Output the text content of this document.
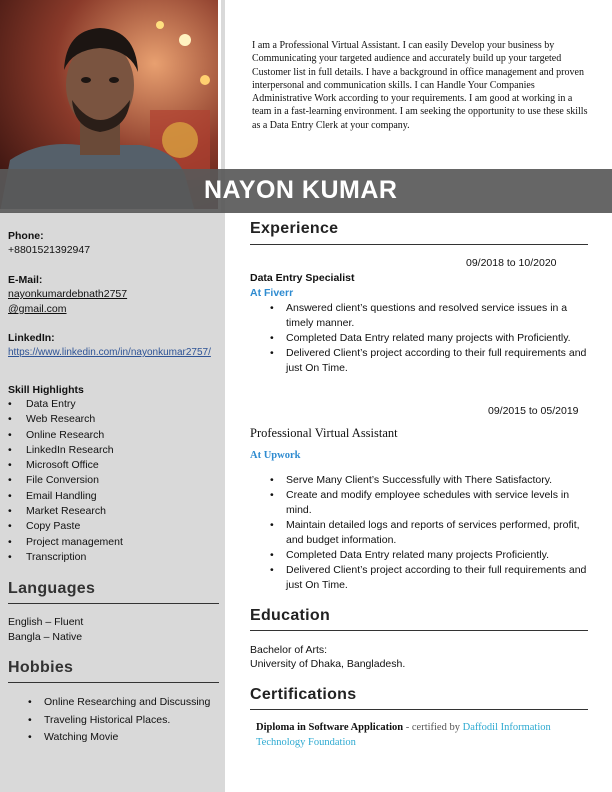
I am a Professional Virtual Assistant. I can easily Develop your business by Communicating your targeted audience and accurately build up your targeted Customer list in full details. I have a background in office management and proven interpersonal and communication skills. I can Handle Your Companies Administrative Work according to your requirements. I am good at working in a team in a fast-learning environment. I am seeking the opportunity to use these skills as a Data Entry Clerk at your company.
NAYON KUMAR
Phone:
+8801521392947
E-Mail:
nayonkumardebnath2757
@gmail.com
LinkedIn:
https://www.linkedin.com/in/nayonkumar2757/
Skill Highlights
• Data Entry
• Web Research
• Online Research
• LinkedIn Research
• Microsoft Office
• File Conversion
• Email Handling
• Market Research
• Copy Paste
• Project management
• Transcription
Languages
English – Fluent
Bangla – Native
Hobbies
• Online Researching and Discussing
• Traveling Historical Places.
• Watching Movie
Experience
09/2018 to 10/2020
Data Entry Specialist
At Fiverr
• Answered client’s questions and resolved service issues in a timely manner.
• Completed Data Entry related many projects with Proficiently.
• Delivered Client’s project according to their full requirements and just On Time.
09/2015 to 05/2019
Professional Virtual Assistant
At Upwork
• Serve Many Client’s Successfully with There Satisfactory.
• Create and modify employee schedules with service levels in mind.
• Maintain detailed logs and reports of services performed, profit, and budget information.
• Completed Data Entry related many projects Proficiently.
• Delivered Client’s project according to their full requirements and just On Time.
Education
Bachelor of Arts:
University of Dhaka, Bangladesh.
Certifications
Diploma in Software Application - certified by Daffodil Information Technology Foundation
